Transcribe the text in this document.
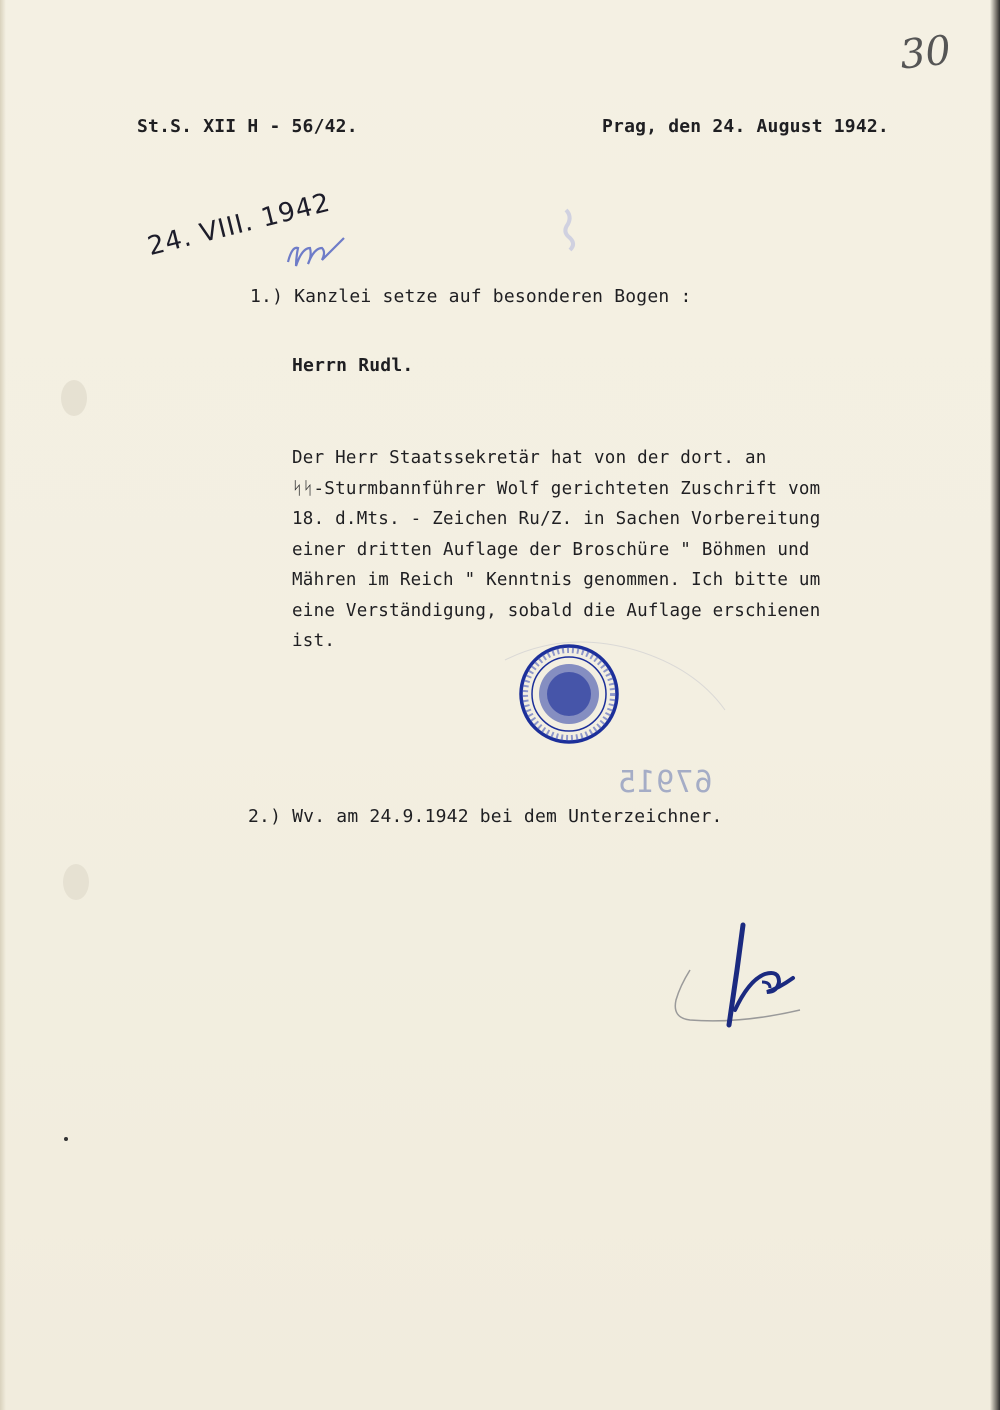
30
St.S. XII H - 56/42.	Prag, den 24. August 1942.
24. VIII. 1942
1.) Kanzlei setze auf besonderen Bogen :
Herrn Rudl.
Der Herr Staatssekretär hat von der dort. an
ᛋᛋ-Sturmbannführer Wolf gerichteten Zuschrift vom
18. d.Mts. - Zeichen Ru/Z. in Sachen Vorbereitung
einer dritten Auflage der Broschüre " Böhmen und
Mähren im Reich " Kenntnis genommen. Ich bitte um
eine Verständigung, sobald die Auflage erschienen
ist.
67915
2.) Wv. am 24.9.1942 bei dem Unterzeichner.
